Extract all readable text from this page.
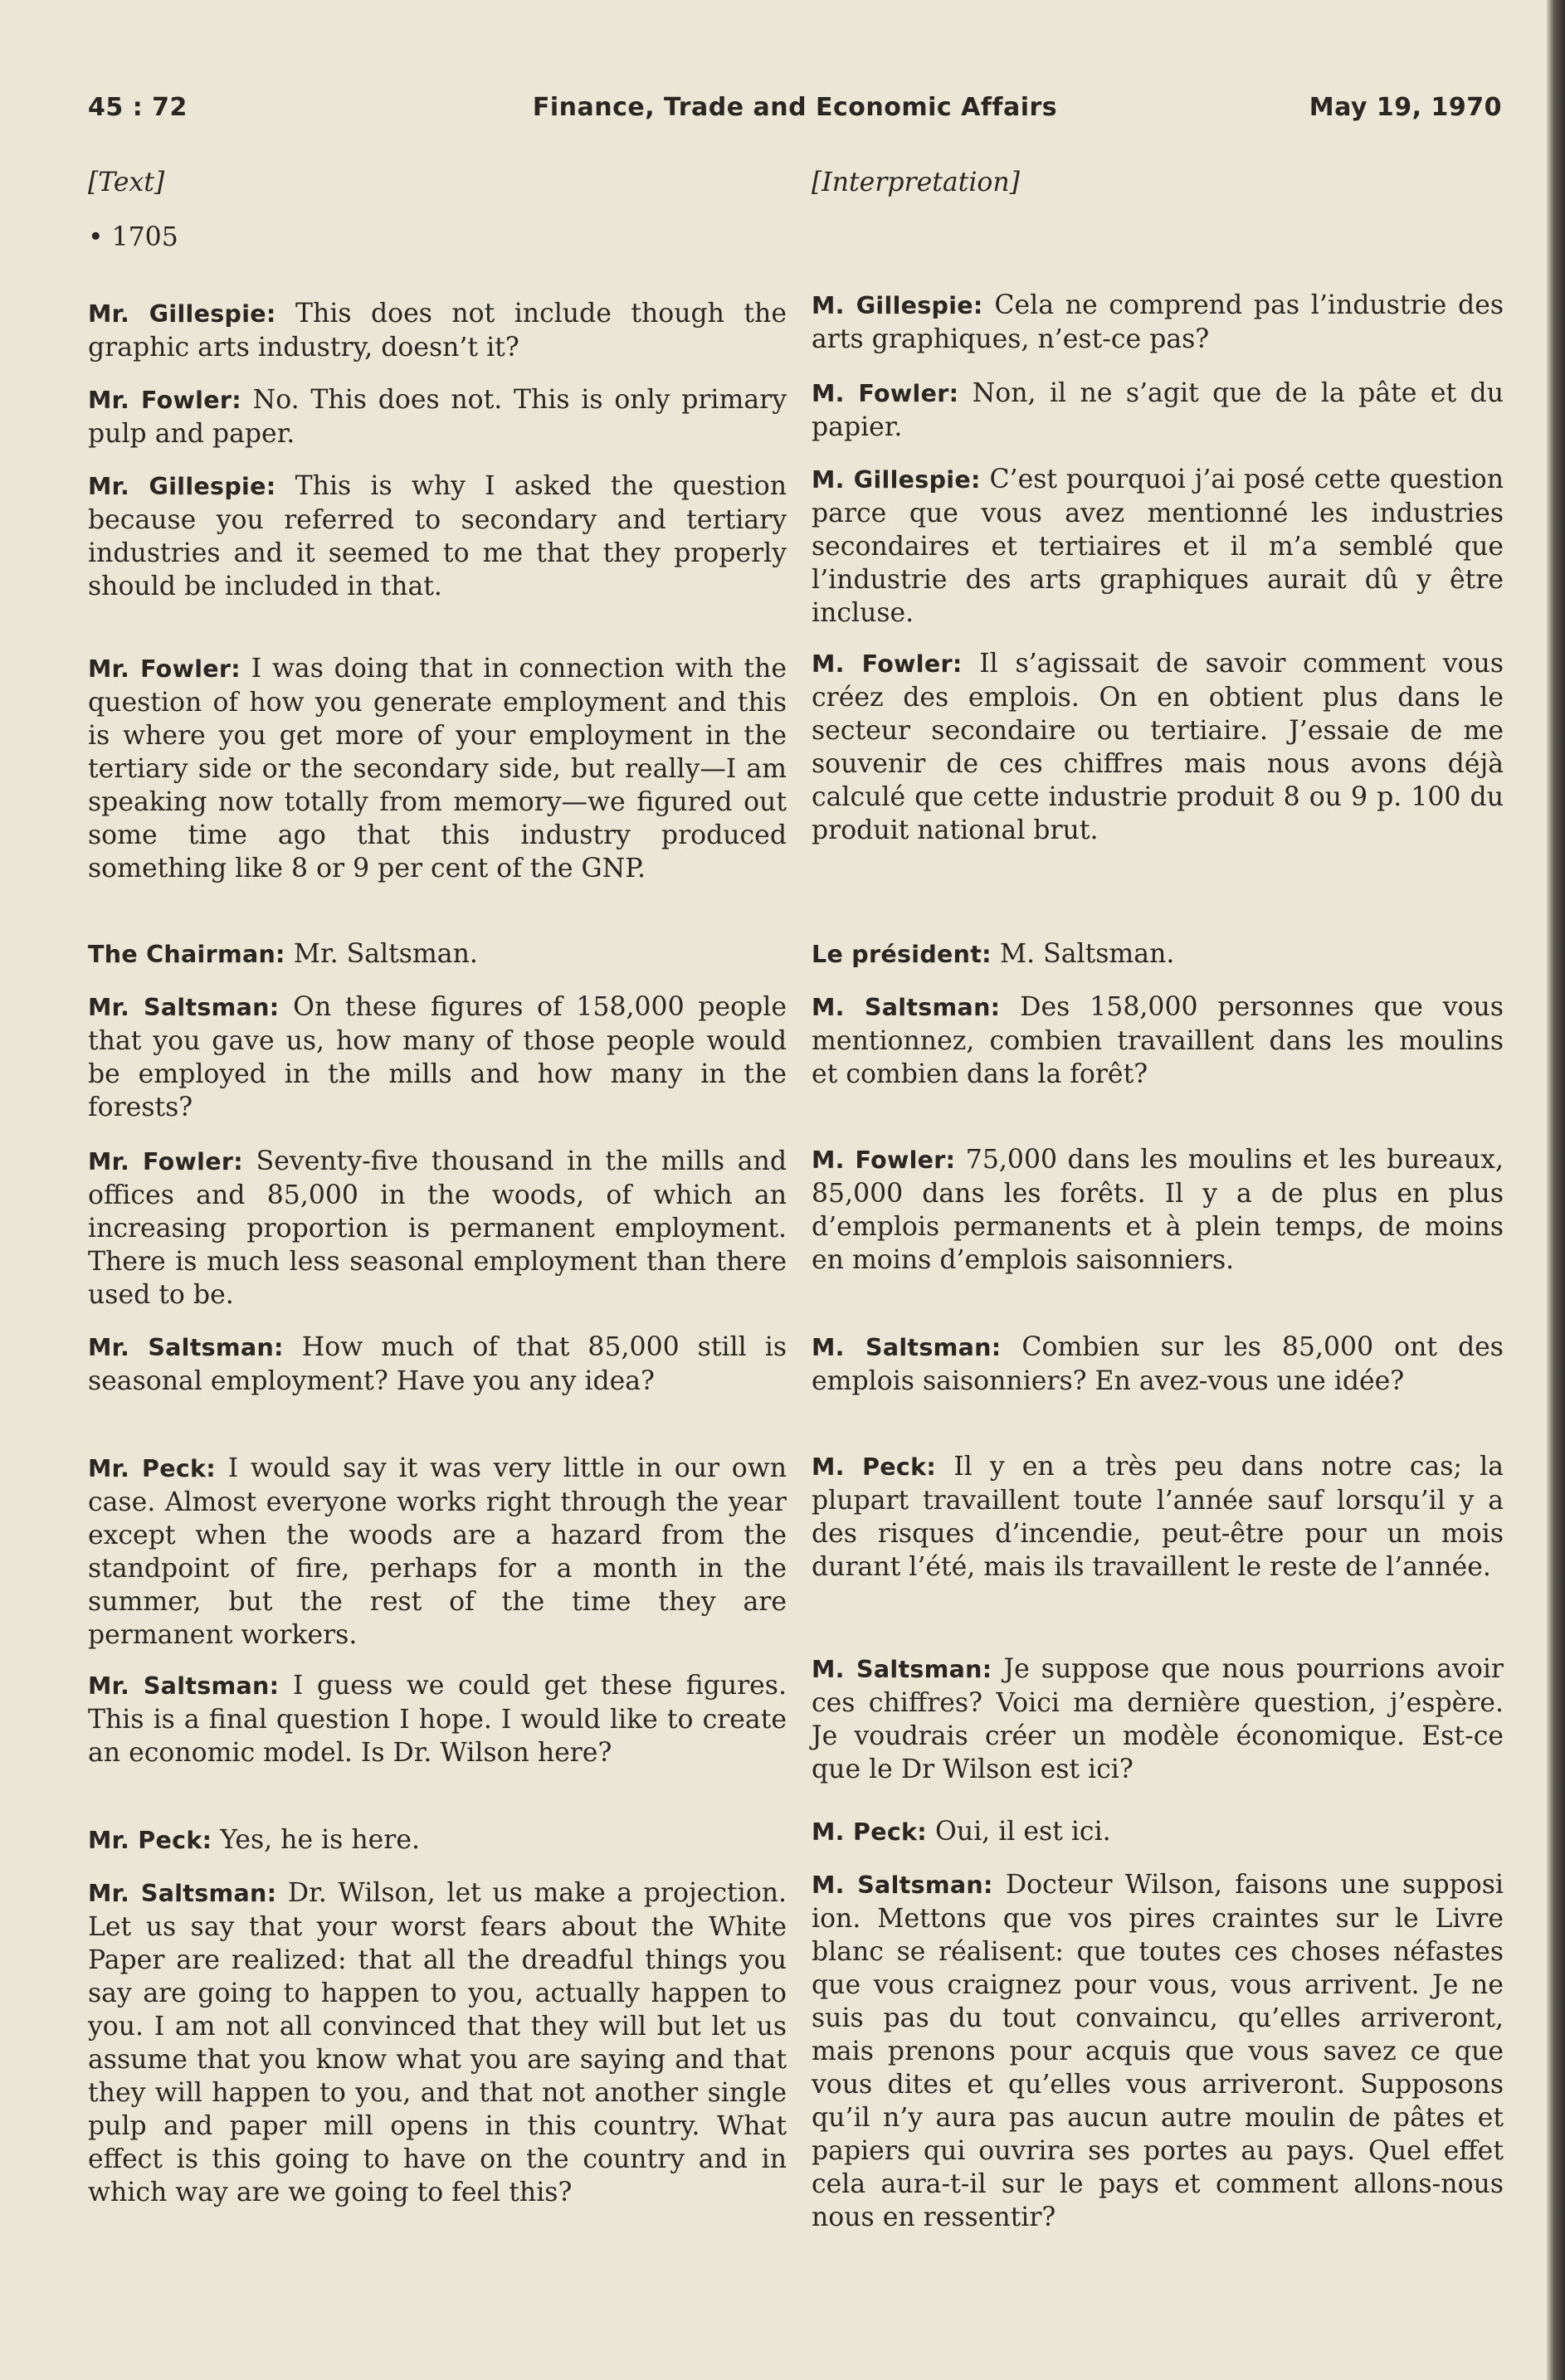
45 : 72	Finance, Trade and Economic Affairs	May 19, 1970
[Text]
• 1705

Mr. Gillespie: This does not include though the graphic arts industry, doesn’t it?

Mr. Fowler: No. This does not. This is only primary pulp and paper.

Mr. Gillespie: This is why I asked the question because you referred to secondary and tertiary industries and it seemed to me that they properly should be included in that.

Mr. Fowler: I was doing that in connection with the question of how you generate employment and this is where you get more of your employment in the tertiary side or the secondary side, but really—I am speaking now totally from memory—we figured out some time ago that this industry produced something like 8 or 9 per cent of the GNP.

The Chairman: Mr. Saltsman.

Mr. Saltsman: On these figures of 158,000 people that you gave us, how many of those people would be employed in the mills and how many in the forests?

Mr. Fowler: Seventy-five thousand in the mills and offices and 85,000 in the woods, of which an increasing proportion is permanent employment. There is much less seasonal employment than there used to be.

Mr. Saltsman: How much of that 85,000 still is seasonal employment? Have you any idea?

Mr. Peck: I would say it was very little in our own case. Almost everyone works right through the year except when the woods are a hazard from the standpoint of fire, perhaps for a month in the summer, but the rest of the time they are permanent workers.

Mr. Saltsman: I guess we could get these figures. This is a final question I hope. I would like to create an economic model. Is Dr. Wilson here?

Mr. Peck: Yes, he is here.

Mr. Saltsman: Dr. Wilson, let us make a projection. Let us say that your worst fears about the White Paper are realized: that all the dreadful things you say are going to happen to you, actually happen to you. I am not all convinced that they will but let us assume that you know what you are saying and that they will happen to you, and that not another single pulp and paper mill opens in this country. What effect is this going to have on the country and in which way are we going to feel this?

[Interpretation]

M. Gillespie: Cela ne comprend pas l’industrie des arts graphiques, n’est-ce pas?

M. Fowler: Non, il ne s’agit que de la pâte et du papier.

M. Gillespie: C’est pourquoi j’ai posé cette question parce que vous avez mentionné les industries secondaires et tertiaires et il m’a semblé que l’industrie des arts graphiques aurait dû y être incluse.

M. Fowler: Il s’agissait de savoir comment vous créez des emplois. On en obtient plus dans le secteur secondaire ou tertiaire. J’essaie de me souvenir de ces chiffres mais nous avons déjà calculé que cette industrie produit 8 ou 9 p. 100 du produit national brut.

Le président: M. Saltsman.

M. Saltsman: Des 158,000 personnes que vous mentionnez, combien travaillent dans les moulins et combien dans la forêt?

M. Fowler: 75,000 dans les moulins et les bureaux, 85,000 dans les forêts. Il y a de plus en plus d’emplois permanents et à plein temps, de moins en moins d’emplois saisonniers.

M. Saltsman: Combien sur les 85,000 ont des emplois saisonniers? En avez-vous une idée?

M. Peck: Il y en a très peu dans notre cas; la plupart travaillent toute l’année sauf lorsqu’il y a des risques d’incendie, peut-être pour un mois durant l’été, mais ils travaillent le reste de l’année.

M. Saltsman: Je suppose que nous pourrions avoir ces chiffres? Voici ma dernière question, j’espère. Je voudrais créer un modèle économique. Est-ce que le Dr Wilson est ici?

M. Peck: Oui, il est ici.

M. Saltsman: Docteur Wilson, faisons une supposi ion. Mettons que vos pires craintes sur le Livre blanc se réalisent: que toutes ces choses néfastes que vous craignez pour vous, vous arrivent. Je ne suis pas du tout convaincu, qu’elles arriveront, mais prenons pour acquis que vous savez ce que vous dites et qu’elles vous arriveront. Supposons qu’il n’y aura pas aucun autre moulin de pâtes et papiers qui ouvrira ses portes au pays. Quel effet cela aura-t-il sur le pays et comment allons-nous nous en ressentir?
